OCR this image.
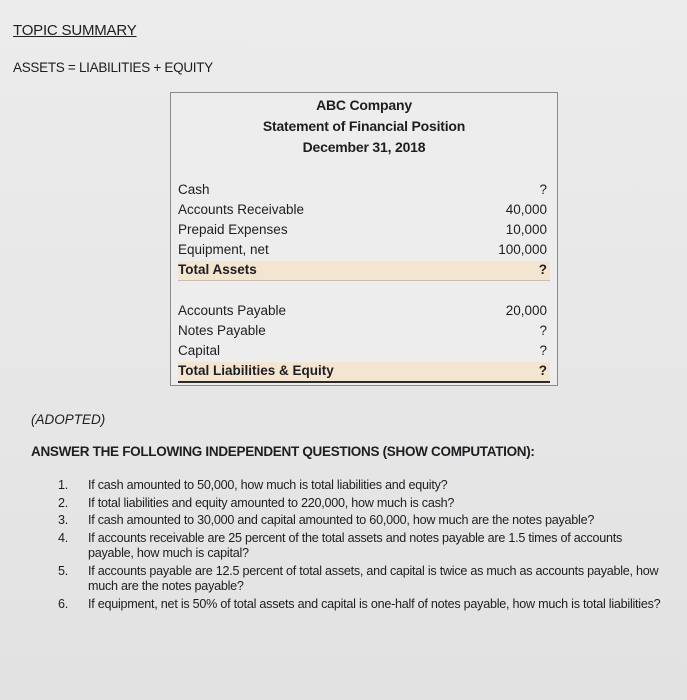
TOPIC SUMMARY
ASSETS = LIABILITIES + EQUITY
ABC Company
Statement of Financial Position
December 31, 2018
Cash	?
Accounts Receivable	40,000
Prepaid Expenses	10,000
Equipment, net	100,000
Total Assets	?
Accounts Payable	20,000
Notes Payable	?
Capital	?
Total Liabilities & Equity	?
(ADOPTED)
ANSWER THE FOLLOWING INDEPENDENT QUESTIONS (SHOW COMPUTATION):
1. If cash amounted to 50,000, how much is total liabilities and equity?
2. If total liabilities and equity amounted to 220,000, how much is cash?
3. If cash amounted to 30,000 and capital amounted to 60,000, how much are the notes payable?
4. If accounts receivable are 25 percent of the total assets and notes payable are 1.5 times of accounts payable, how much is capital?
5. If accounts payable are 12.5 percent of total assets, and capital is twice as much as accounts payable, how much are the notes payable?
6. If equipment, net is 50% of total assets and capital is one-half of notes payable, how much is total liabilities?
